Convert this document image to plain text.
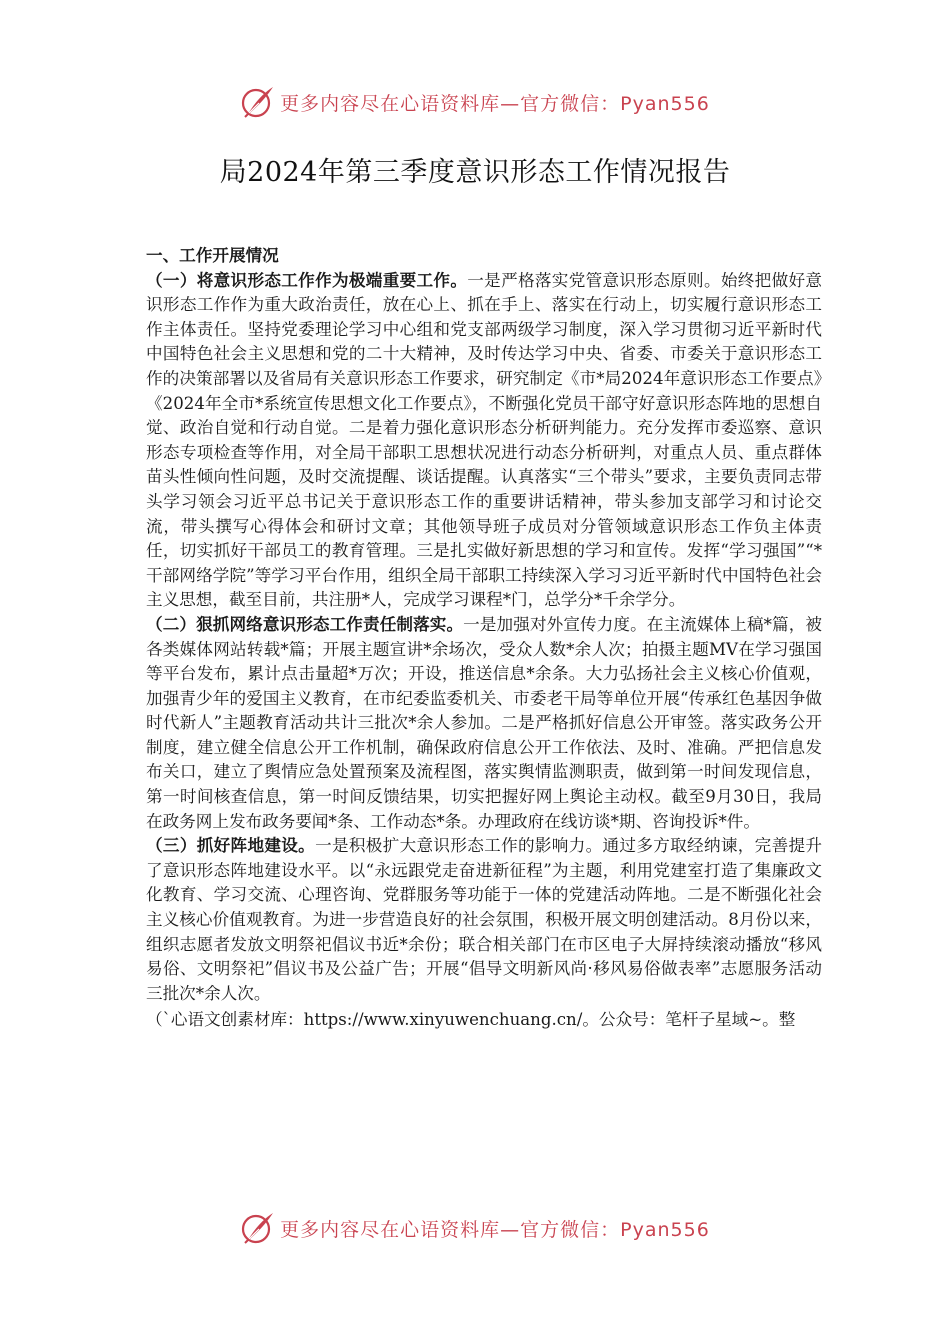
更多内容尽在心语资料库—官方微信：Pyan556
局2024年第三季度意识形态工作情况报告

一、工作开展情况

（一）将意识形态工作作为极端重要工作。一是严格落实党管意识形态原则。始终把做好意识形态工作作为重大政治责任，放在心上、抓在手上、落实在行动上，切实履行意识形态工作主体责任。坚持党委理论学习中心组和党支部两级学习制度，深入学习贯彻习近平新时代中国特色社会主义思想和党的二十大精神，及时传达学习中央、省委、市委关于意识形态工作的决策部署以及省局有关意识形态工作要求，研究制定《市*局2024年意识形态工作要点》《2024年全市*系统宣传思想文化工作要点》，不断强化党员干部守好意识形态阵地的思想自觉、政治自觉和行动自觉。二是着力强化意识形态分析研判能力。充分发挥市委巡察、意识形态专项检查等作用，对全局干部职工思想状况进行动态分析研判，对重点人员、重点群体苗头性倾向性问题，及时交流提醒、谈话提醒。认真落实“三个带头”要求，主要负责同志带头学习领会习近平总书记关于意识形态工作的重要讲话精神，带头参加支部学习和讨论交流，带头撰写心得体会和研讨文章；其他领导班子成员对分管领域意识形态工作负主体责任，切实抓好干部员工的教育管理。三是扎实做好新思想的学习和宣传。发挥“学习强国”“*干部网络学院”等学习平台作用，组织全局干部职工持续深入学习习近平新时代中国特色社会主义思想，截至目前，共注册*人，完成学习课程*门，总学分*千余学分。

（二）狠抓网络意识形态工作责任制落实。一是加强对外宣传力度。在主流媒体上稿*篇，被各类媒体网站转载*篇；开展主题宣讲*余场次，受众人数*余人次；拍摄主题MV在学习强国等平台发布，累计点击量超*万次；开设，推送信息*余条。大力弘扬社会主义核心价值观，加强青少年的爱国主义教育，在市纪委监委机关、市委老干局等单位开展“传承红色基因争做时代新人”主题教育活动共计三批次*余人参加。二是严格抓好信息公开审签。落实政务公开制度，建立健全信息公开工作机制，确保政府信息公开工作依法、及时、准确。严把信息发布关口，建立了舆情应急处置预案及流程图，落实舆情监测职责，做到第一时间发现信息，第一时间核查信息，第一时间反馈结果，切实把握好网上舆论主动权。截至9月30日，我局在政务网上发布政务要闻*条、工作动态*条。办理政府在线访谈*期、咨询投诉*件。

（三）抓好阵地建设。一是积极扩大意识形态工作的影响力。通过多方取经纳谏，完善提升了意识形态阵地建设水平。以“永远跟党走奋进新征程”为主题，利用党建室打造了集廉政文化教育、学习交流、心理咨询、党群服务等功能于一体的党建活动阵地。二是不断强化社会主义核心价值观教育。为进一步营造良好的社会氛围，积极开展文明创建活动。8月份以来，组织志愿者发放文明祭祀倡议书近*余份；联合相关部门在市区电子大屏持续滚动播放“移风易俗、文明祭祀”倡议书及公益广告；开展“倡导文明新风尚·移风易俗做表率”志愿服务活动三批次*余人次。

（`心语文创素材库：https://www.xinyuwenchuang.cn/。公众号：笔杆子星域~。整

更多内容尽在心语资料库—官方微信：Pyan556
